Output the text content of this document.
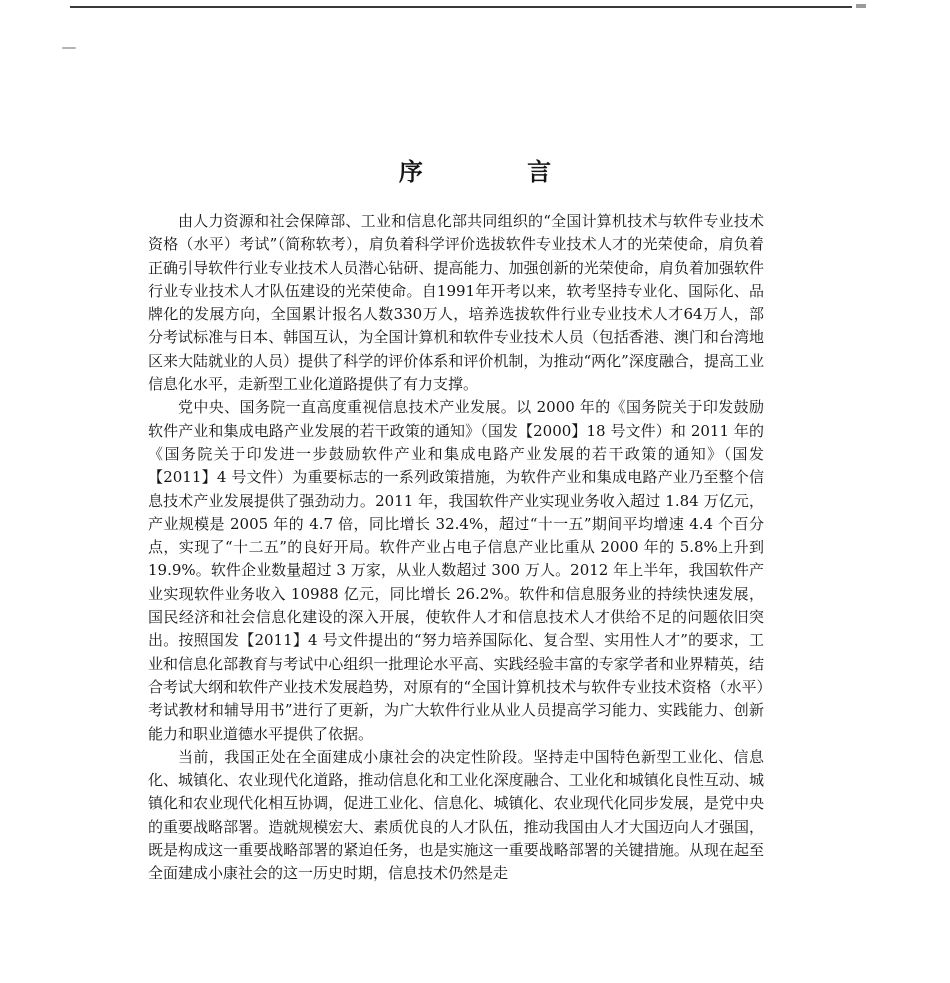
序 言

由人力资源和社会保障部、工业和信息化部共同组织的“全国计算机技术与软件专业技术资格（水平）考试”（简称软考），肩负着科学评价选拔软件专业技术人才的光荣使命，肩负着正确引导软件行业专业技术人员潜心钻研、提高能力、加强创新的光荣使命，肩负着加强软件行业专业技术人才队伍建设的光荣使命。自1991年开考以来，软考坚持专业化、国际化、品牌化的发展方向，全国累计报名人数330万人，培养选拔软件行业专业技术人才64万人，部分考试标准与日本、韩国互认，为全国计算机和软件专业技术人员（包括香港、澳门和台湾地区来大陆就业的人员）提供了科学的评价体系和评价机制，为推动“两化”深度融合，提高工业信息化水平，走新型工业化道路提供了有力支撑。

党中央、国务院一直高度重视信息技术产业发展。以 2000 年的《国务院关于印发鼓励软件产业和集成电路产业发展的若干政策的通知》（国发【2000】18 号文件）和 2011 年的《国务院关于印发进一步鼓励软件产业和集成电路产业发展的若干政策的通知》（国发【2011】4 号文件）为重要标志的一系列政策措施，为软件产业和集成电路产业乃至整个信息技术产业发展提供了强劲动力。2011 年，我国软件产业实现业务收入超过 1.84 万亿元，产业规模是 2005 年的 4.7 倍，同比增长 32.4%，超过“十一五”期间平均增速 4.4 个百分点，实现了“十二五”的良好开局。软件产业占电子信息产业比重从 2000 年的 5.8%上升到 19.9%。软件企业数量超过 3 万家，从业人数超过 300 万人。2012 年上半年，我国软件产业实现软件业务收入 10988 亿元，同比增长 26.2%。软件和信息服务业的持续快速发展，国民经济和社会信息化建设的深入开展，使软件人才和信息技术人才供给不足的问题依旧突出。按照国发【2011】4 号文件提出的“努力培养国际化、复合型、实用性人才”的要求，工业和信息化部教育与考试中心组织一批理论水平高、实践经验丰富的专家学者和业界精英，结合考试大纲和软件产业技术发展趋势，对原有的“全国计算机技术与软件专业技术资格（水平）考试教材和辅导用书”进行了更新，为广大软件行业从业人员提高学习能力、实践能力、创新能力和职业道德水平提供了依据。

当前，我国正处在全面建成小康社会的决定性阶段。坚持走中国特色新型工业化、信息化、城镇化、农业现代化道路，推动信息化和工业化深度融合、工业化和城镇化良性互动、城镇化和农业现代化相互协调，促进工业化、信息化、城镇化、农业现代化同步发展，是党中央的重要战略部署。造就规模宏大、素质优良的人才队伍，推动我国由人才大国迈向人才强国，既是构成这一重要战略部署的紧迫任务，也是实施这一重要战略部署的关键措施。从现在起至全面建成小康社会的这一历史时期，信息技术仍然是走
